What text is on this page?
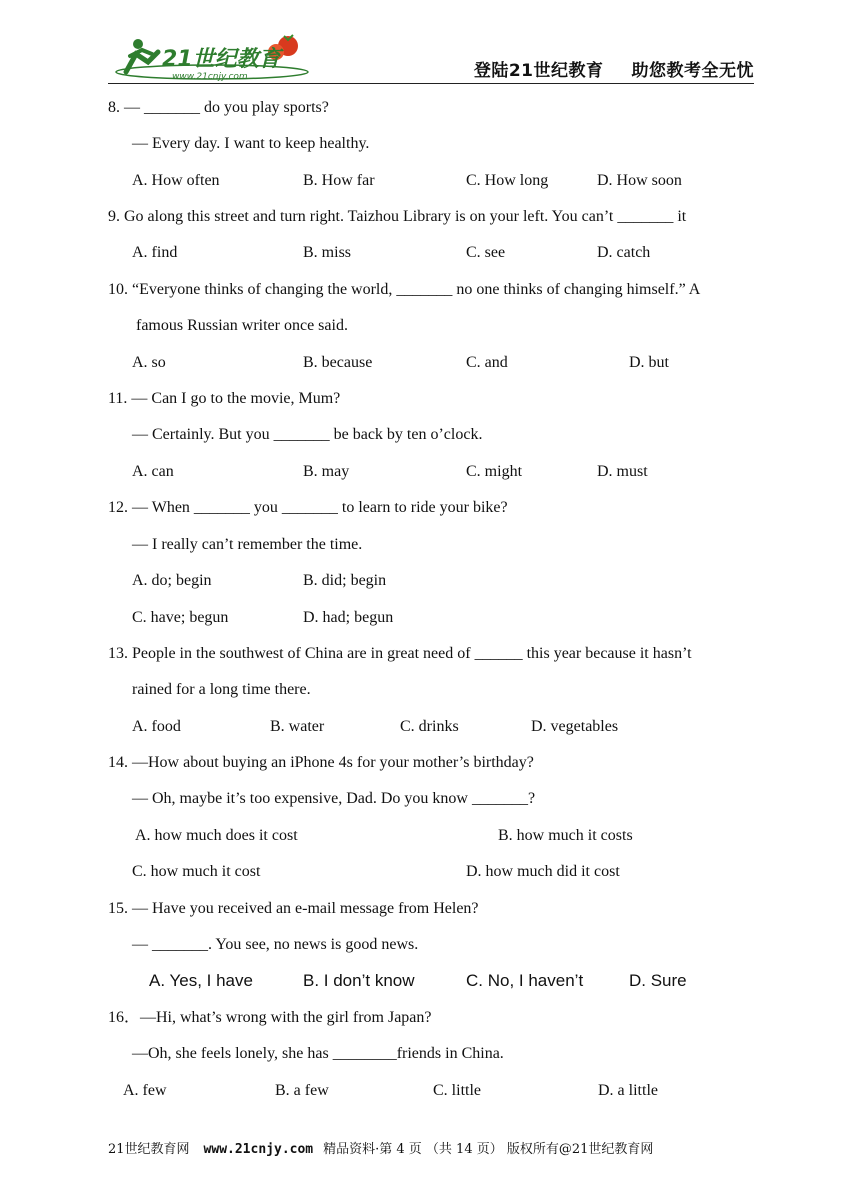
21世纪教育
www.21cnjy.com	登陆21世纪教育 助您教考全无忧
8. — _______ do you play sports?
— Every day. I want to keep healthy.
A. How often	B. How far	C. How long	D. How soon
9. Go along this street and turn right. Taizhou Library is on your left. You can’t _______ it
A. find	B. miss	C. see	D. catch
10. “Everyone thinks of changing the world, _______ no one thinks of changing himself.” A
famous Russian writer once said.
A. so	B. because	C. and	D. but
11. — Can I go to the movie, Mum?
— Certainly. But you _______ be back by ten o’clock.
A. can	B. may	C. might	D. must
12. — When _______ you _______ to learn to ride your bike?
— I really can’t remember the time.
A. do; begin	B. did; begin
C. have; begun	D. had; begun
13. People in the southwest of China are in great need of ______ this year because it hasn’t
rained for a long time there.
A. food	B. water	C. drinks	D. vegetables
14. —How about buying an iPhone 4s for your mother’s birthday?
— Oh, maybe it’s too expensive, Dad. Do you know _______?
A. how much does it cost	B. how much it costs
C. how much it cost	D. how much did it cost
15. — Have you received an e-mail message from Helen?
— _______. You see, no news is good news.
A. Yes, I have	B. I don’t know	C. No, I haven’t	D. Sure
16．—Hi, what’s wrong with the girl from Japan?
—Oh, she feels lonely, she has ________friends in China.
A. few	B. a few	C. little	D. a little
21世纪教育网 www.21cnjy.com 精品资料·第 4 页 （共 14 页） 版权所有@21世纪教育网
